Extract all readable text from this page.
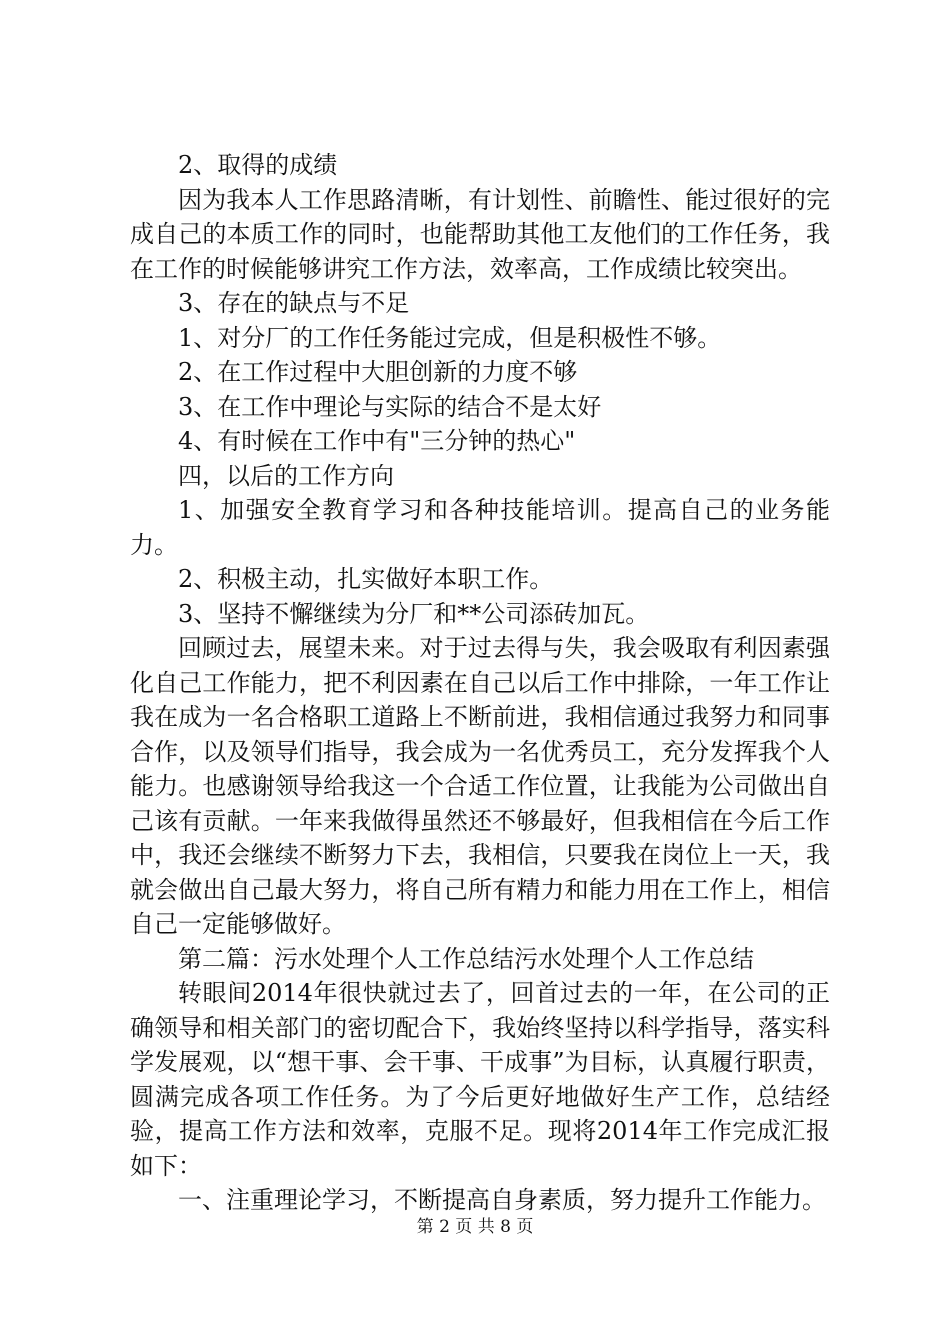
2、取得的成绩

因为我本人工作思路清晰，有计划性、前瞻性、能过很好的完成自己的本质工作的同时，也能帮助其他工友他们的工作任务，我在工作的时候能够讲究工作方法，效率高，工作成绩比较突出。

3、存在的缺点与不足

1、对分厂的工作任务能过完成，但是积极性不够。

2、在工作过程中大胆创新的力度不够

3、在工作中理论与实际的结合不是太好

4、有时候在工作中有"三分钟的热心"

四，以后的工作方向

1、加强安全教育学习和各种技能培训。提高自己的业务能力。

2、积极主动，扎实做好本职工作。

3、坚持不懈继续为分厂和**公司添砖加瓦。

回顾过去，展望未来。对于过去得与失，我会吸取有利因素强化自己工作能力，把不利因素在自己以后工作中排除，一年工作让我在成为一名合格职工道路上不断前进，我相信通过我努力和同事合作，以及领导们指导，我会成为一名优秀员工，充分发挥我个人能力。也感谢领导给我这一个合适工作位置，让我能为公司做出自己该有贡献。一年来我做得虽然还不够最好，但我相信在今后工作中，我还会继续不断努力下去，我相信，只要我在岗位上一天，我就会做出自己最大努力，将自己所有精力和能力用在工作上，相信自己一定能够做好。

第二篇：污水处理个人工作总结污水处理个人工作总结

转眼间2014年很快就过去了，回首过去的一年，在公司的正确领导和相关部门的密切配合下，我始终坚持以科学指导，落实科学发展观，以“想干事、会干事、干成事”为目标，认真履行职责，圆满完成各项工作任务。为了今后更好地做好生产工作，总结经验，提高工作方法和效率，克服不足。现将2014年工作完成汇报如下：

一、注重理论学习，不断提高自身素质，努力提升工作能力。

第 2 页 共 8 页
